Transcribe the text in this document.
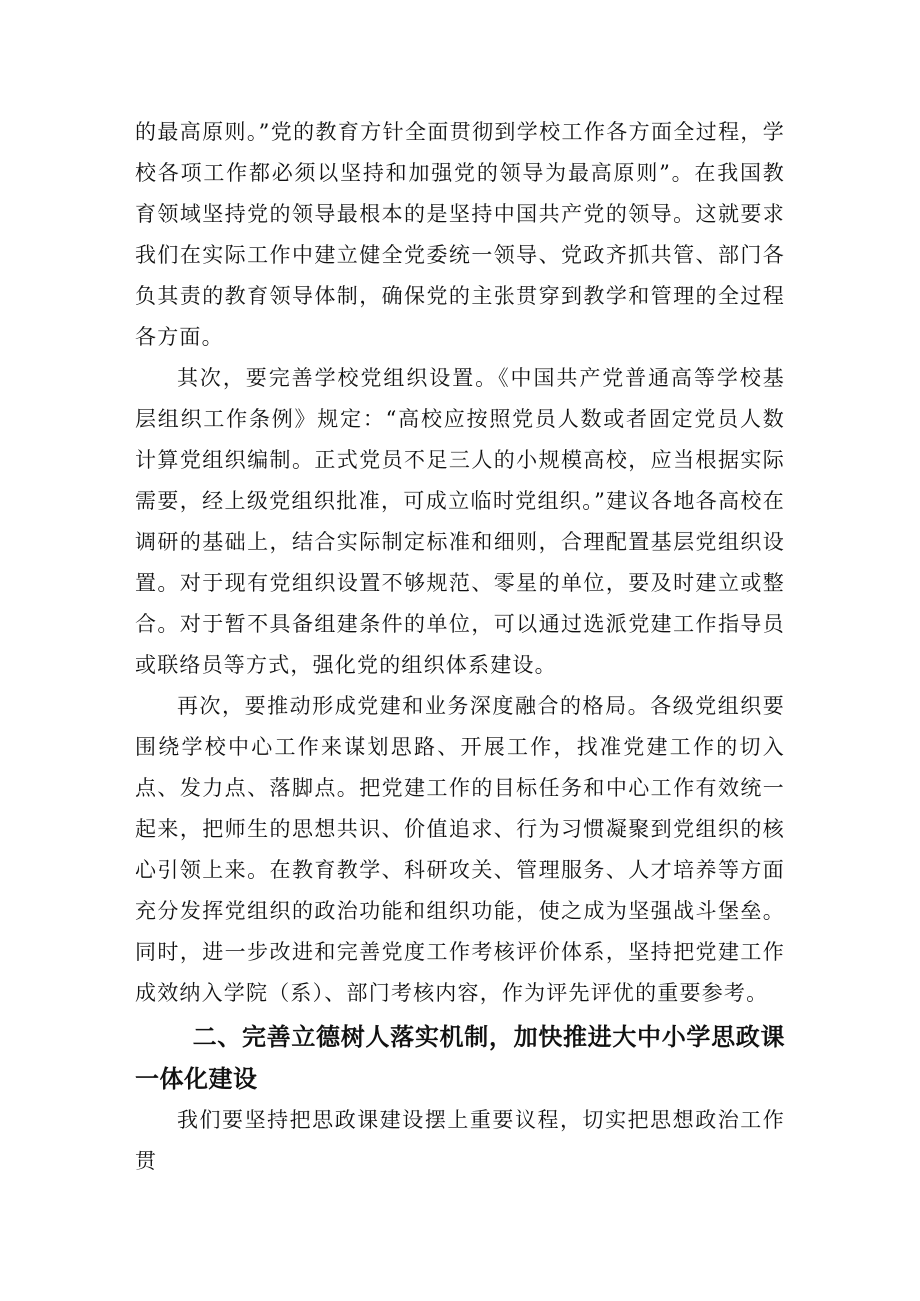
的最高原则。”党的教育方针全面贯彻到学校工作各方面全过程，学校各项工作都必须以坚持和加强党的领导为最高原则”。在我国教育领域坚持党的领导最根本的是坚持中国共产党的领导。这就要求我们在实际工作中建立健全党委统一领导、党政齐抓共管、部门各负其责的教育领导体制，确保党的主张贯穿到教学和管理的全过程各方面。

其次，要完善学校党组织设置。《中国共产党普通高等学校基层组织工作条例》规定：“高校应按照党员人数或者固定党员人数计算党组织编制。正式党员不足三人的小规模高校，应当根据实际需要，经上级党组织批准，可成立临时党组织。”建议各地各高校在调研的基础上，结合实际制定标准和细则，合理配置基层党组织设置。对于现有党组织设置不够规范、零星的单位，要及时建立或整合。对于暂不具备组建条件的单位，可以通过选派党建工作指导员或联络员等方式，强化党的组织体系建设。

再次，要推动形成党建和业务深度融合的格局。各级党组织要围绕学校中心工作来谋划思路、开展工作，找准党建工作的切入点、发力点、落脚点。把党建工作的目标任务和中心工作有效统一起来，把师生的思想共识、价值追求、行为习惯凝聚到党组织的核心引领上来。在教育教学、科研攻关、管理服务、人才培养等方面充分发挥党组织的政治功能和组织功能，使之成为坚强战斗堡垒。同时，进一步改进和完善党度工作考核评价体系，坚持把党建工作成效纳入学院（系）、部门考核内容，作为评先评优的重要参考。

二、完善立德树人落实机制，加快推进大中小学思政课一体化建设

我们要坚持把思政课建设摆上重要议程，切实把思想政治工作贯
